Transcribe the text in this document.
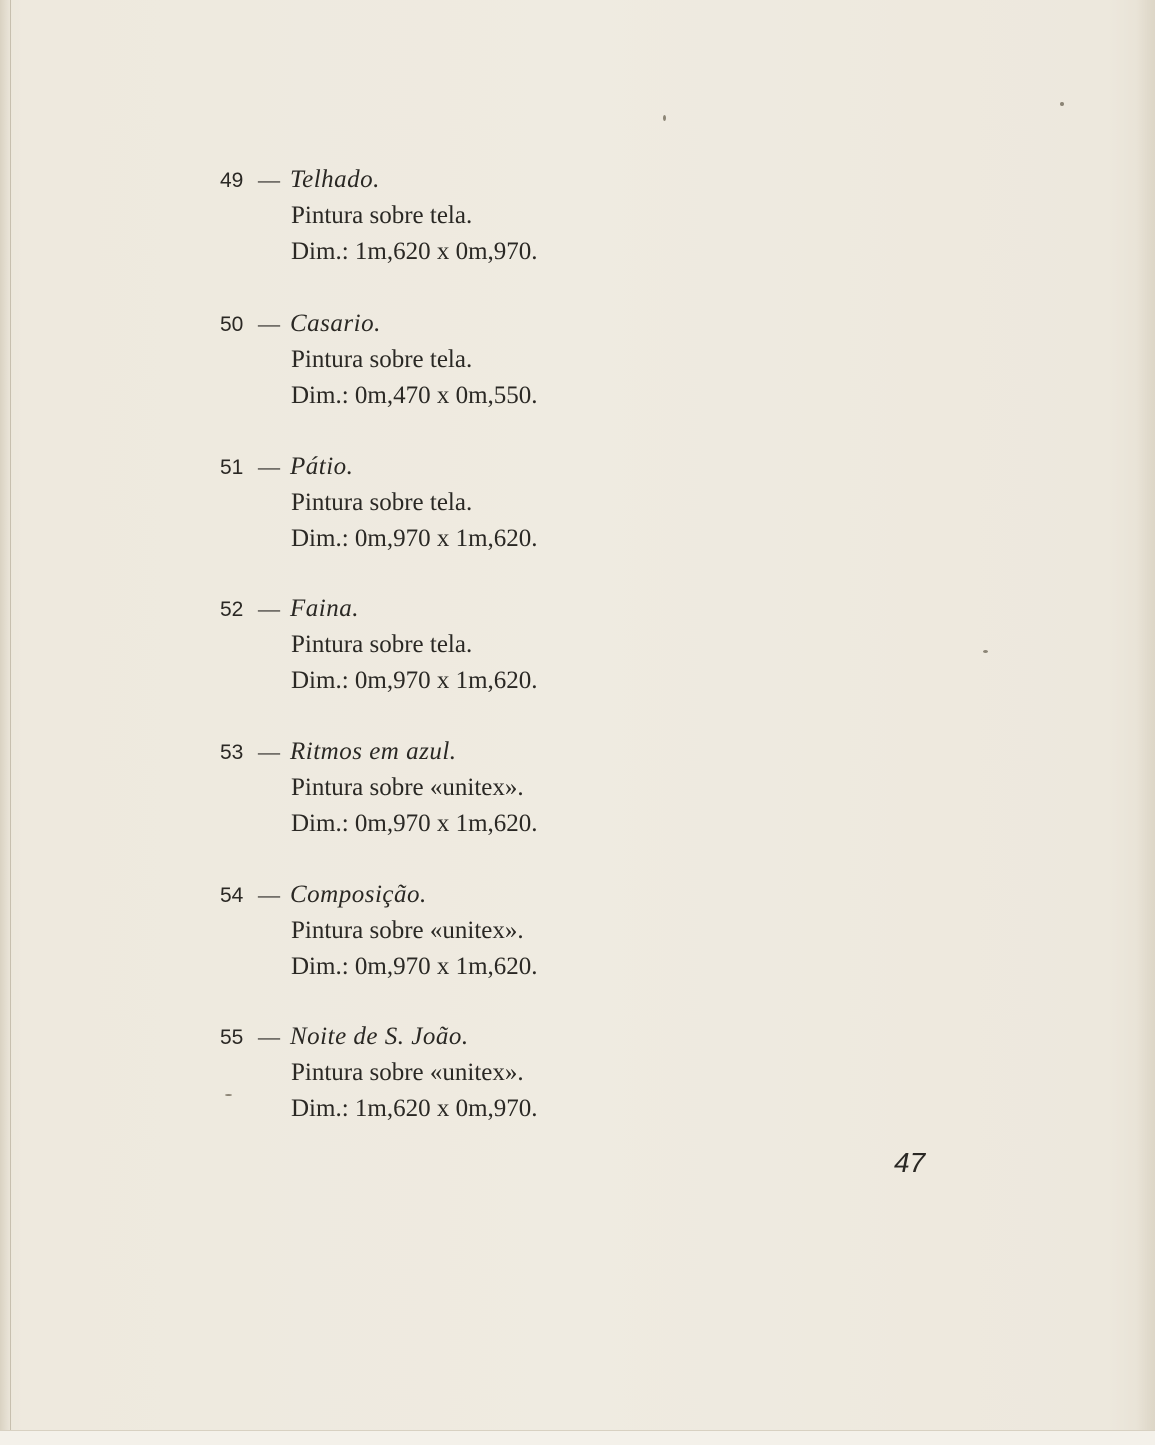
49 — Telhado.
Pintura sobre tela.
Dim.: 1m,620 x 0m,970.
50 — Casario.
Pintura sobre tela.
Dim.: 0m,470 x 0m,550.
51 — Pátio.
Pintura sobre tela.
Dim.: 0m,970 x 1m,620.
52 — Faina.
Pintura sobre tela.
Dim.: 0m,970 x 1m,620.
53 — Ritmos em azul.
Pintura sobre «unitex».
Dim.: 0m,970 x 1m,620.
54 — Composição.
Pintura sobre «unitex».
Dim.: 0m,970 x 1m,620.
55 — Noite de S. João.
Pintura sobre «unitex».
Dim.: 1m,620 x 0m,970.
47
